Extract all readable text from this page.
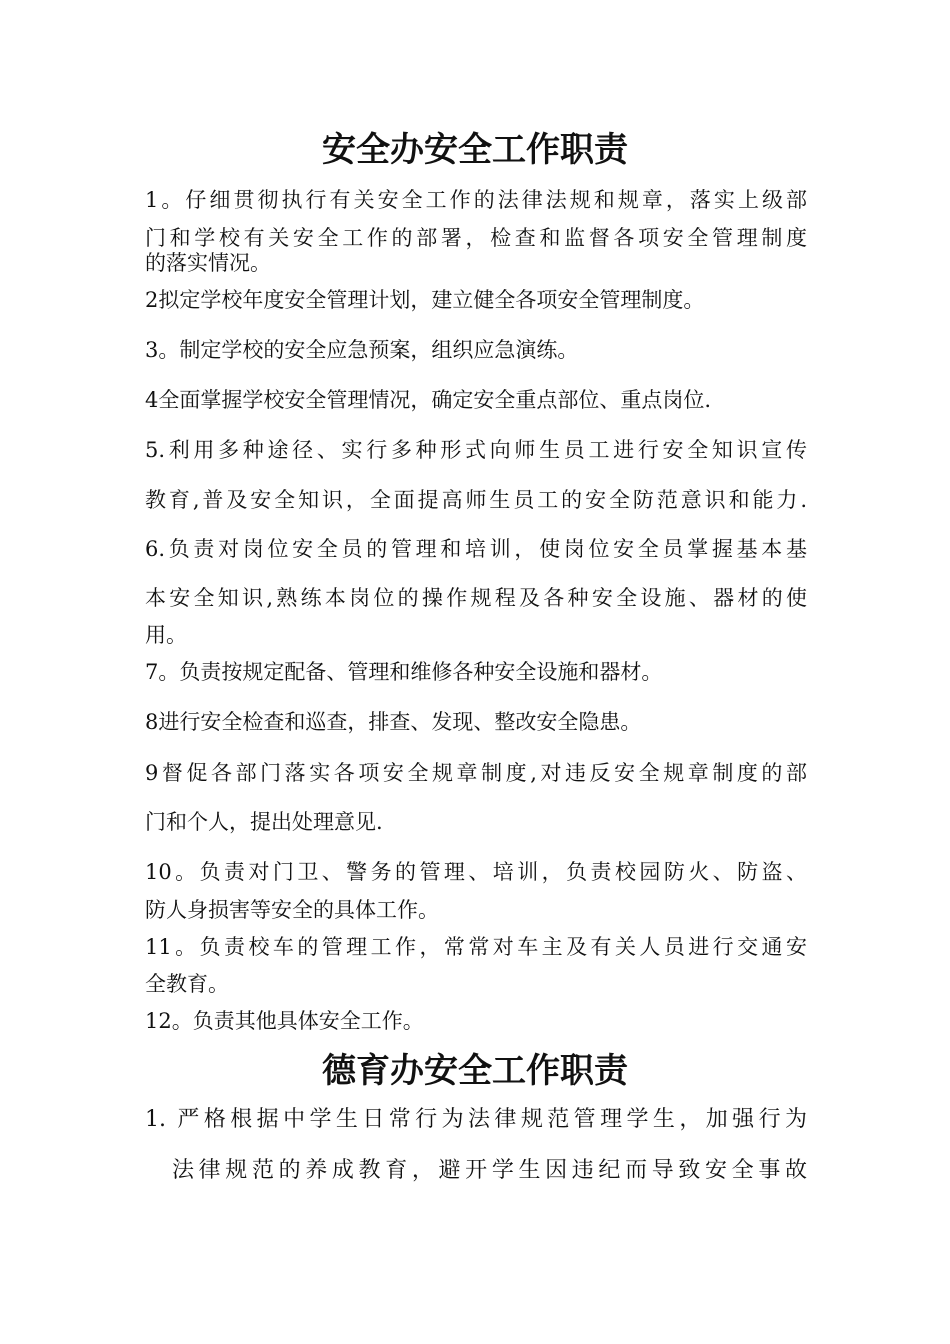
安全办安全工作职责
1。仔细贯彻执行有关安全工作的法律法规和规章，落实上级部
门和学校有关安全工作的部署，检查和监督各项安全管理制度
的落实情况。
2拟定学校年度安全管理计划，建立健全各项安全管理制度。
3。制定学校的安全应急预案，组织应急演练。
4全面掌握学校安全管理情况，确定安全重点部位、重点岗位.
5.利用多种途径、实行多种形式向师生员工进行安全知识宣传
教育,普及安全知识，全面提高师生员工的安全防范意识和能力.
6.负责对岗位安全员的管理和培训，使岗位安全员掌握基本基
本安全知识,熟练本岗位的操作规程及各种安全设施、器材的使
用。
7。负责按规定配备、管理和维修各种安全设施和器材。
8进行安全检查和巡查，排查、发现、整改安全隐患。
9督促各部门落实各项安全规章制度,对违反安全规章制度的部
门和个人，提出处理意见.
10。负责对门卫、警务的管理、培训，负责校园防火、防盗、
防人身损害等安全的具体工作。
11。负责校车的管理工作，常常对车主及有关人员进行交通安
全教育。
12。负责其他具体安全工作。
德育办安全工作职责
1. 严格根据中学生日常行为法律规范管理学生，加强行为
法律规范的养成教育，避开学生因违纪而导致安全事故
